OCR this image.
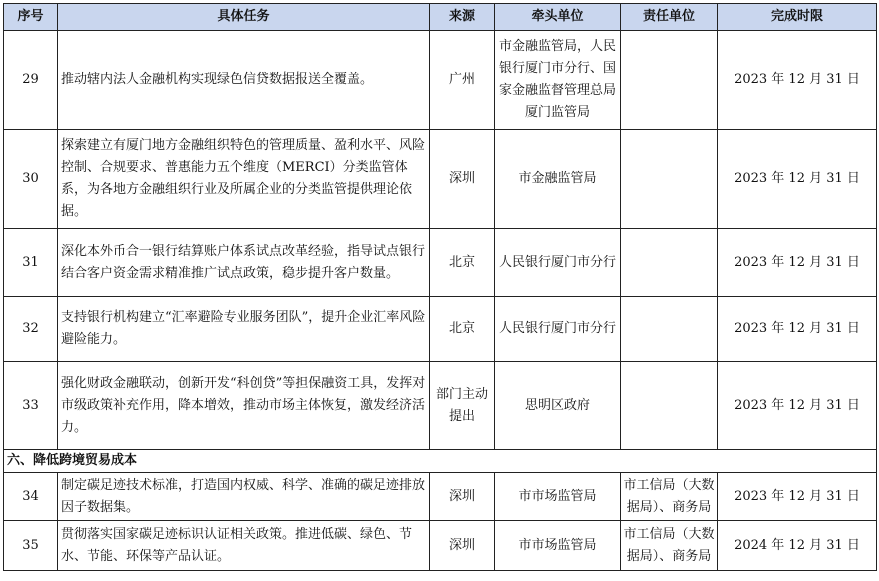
序号	具体任务	来源	牵头单位	责任单位	完成时限
29	推动辖内法人金融机构实现绿色信贷数据报送全覆盖。	广州	市金融监管局，人民银行厦门市分行、国家金融监督管理总局厦门监管局		2023 年 12 月 31 日
30	探索建立有厦门地方金融组织特色的管理质量、盈利水平、风险控制、合规要求、普惠能力五个维度（MERCI）分类监管体系，为各地方金融组织行业及所属企业的分类监管提供理论依据。	深圳	市金融监管局		2023 年 12 月 31 日
31	深化本外币合一银行结算账户体系试点改革经验，指导试点银行结合客户资金需求精准推广试点政策，稳步提升客户数量。	北京	人民银行厦门市分行		2023 年 12 月 31 日
32	支持银行机构建立“汇率避险专业服务团队”，提升企业汇率风险避险能力。	北京	人民银行厦门市分行		2023 年 12 月 31 日
33	强化财政金融联动，创新开发“科创贷”等担保融资工具，发挥对市级政策补充作用，降本增效，推动市场主体恢复，激发经济活力。	部门主动提出	思明区政府		2023 年 12 月 31 日
六、降低跨境贸易成本					
34	制定碳足迹技术标准，打造国内权威、科学、准确的碳足迹排放因子数据集。	深圳	市市场监管局	市工信局（大数据局）、商务局	2023 年 12 月 31 日
35	贯彻落实国家碳足迹标识认证相关政策。推进低碳、绿色、节水、节能、环保等产品认证。	深圳	市市场监管局	市工信局（大数据局）、商务局	2024 年 12 月 31 日
